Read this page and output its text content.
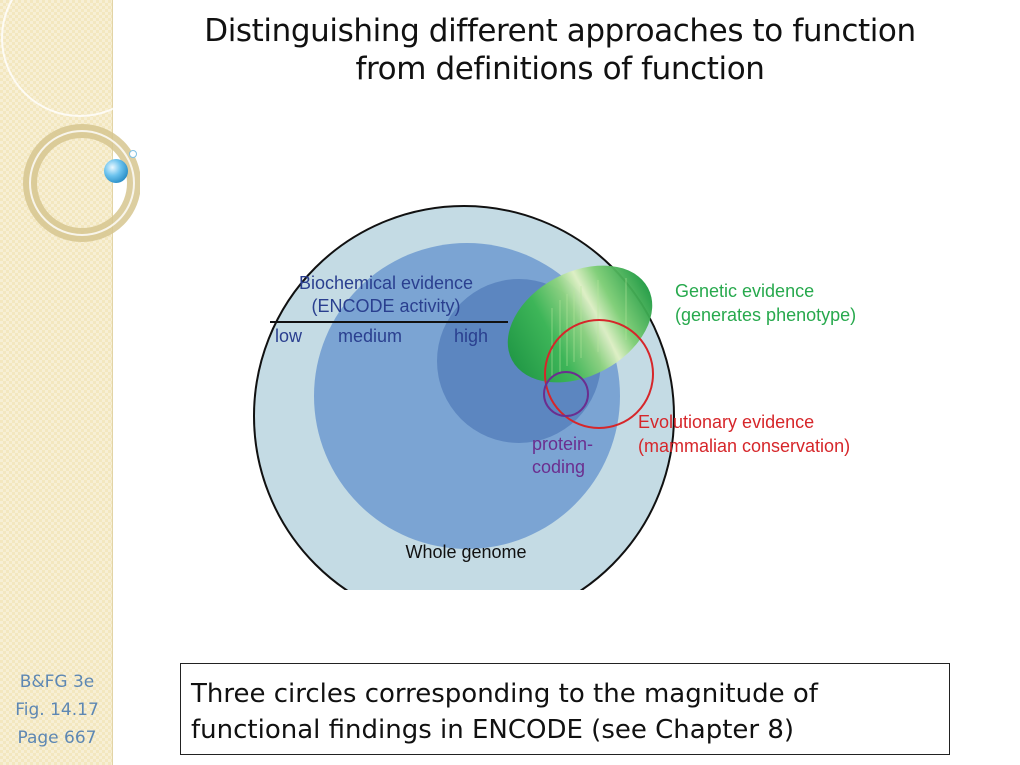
B&FG 3e
Fig. 14.17
Page 667
Distinguishing different approaches to function
from definitions of function
Biochemical evidence
(ENCODE activity)
low medium	high
Genetic evidence
(generates phenotype)
Evolutionary evidence
(mammalian conservation)
protein-
coding
Whole genome
Three circles corresponding to the magnitude of
functional findings in ENCODE (see Chapter 8)
